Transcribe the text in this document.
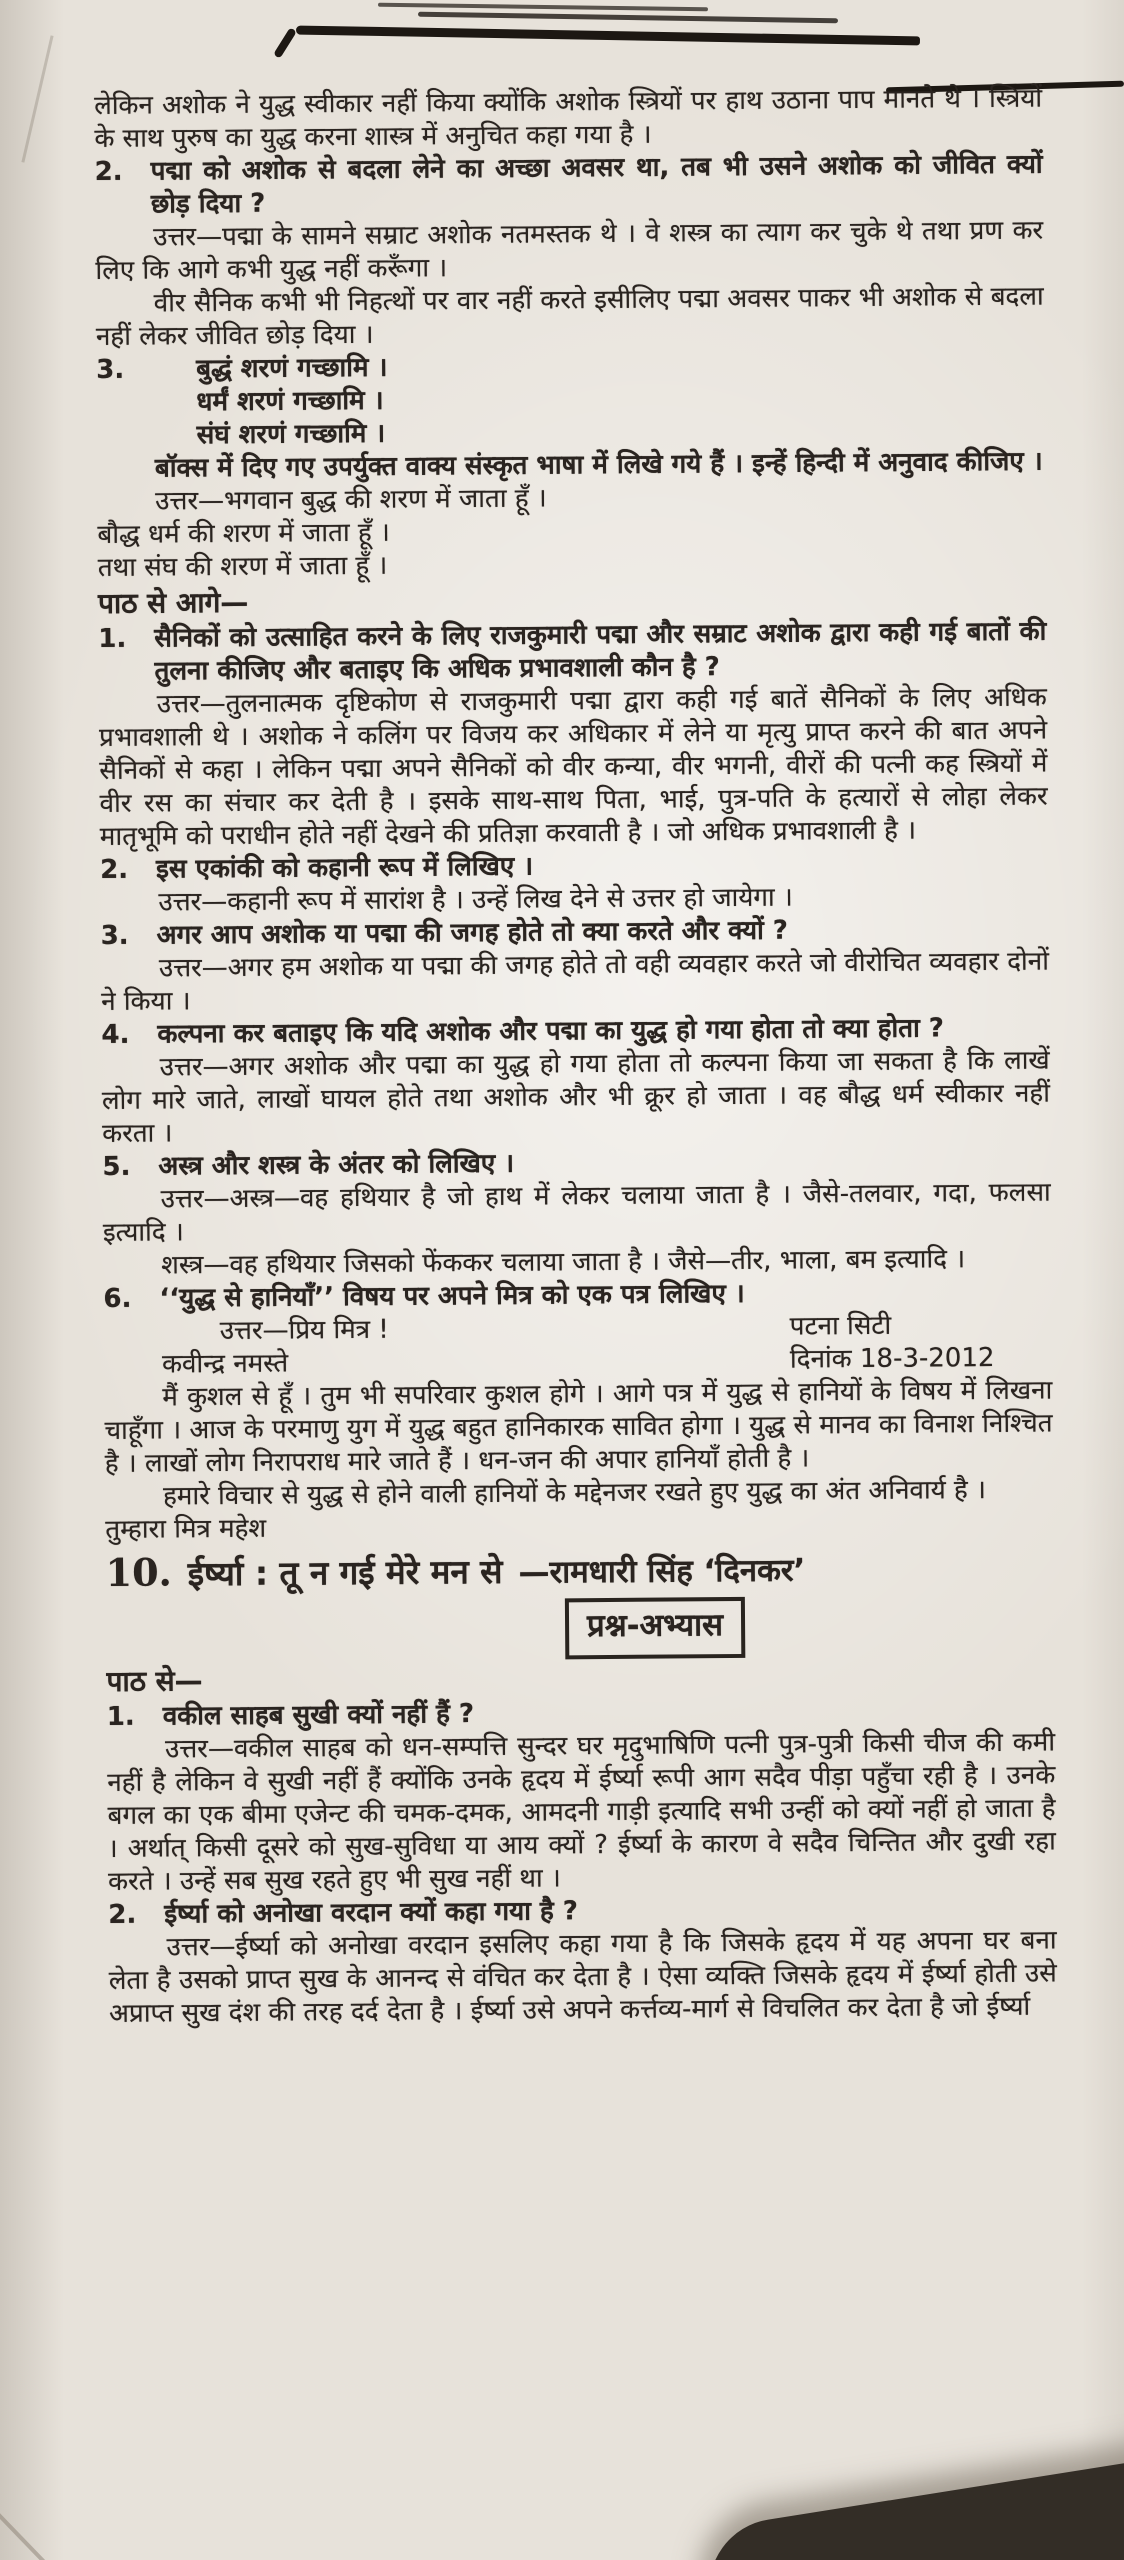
लेकिन अशोक ने युद्ध स्वीकार नहीं किया क्योंकि अशोक स्त्रियों पर हाथ उठाना पाप मानते थे । स्त्रियों के साथ पुरुष का युद्ध करना शास्त्र में अनुचित कहा गया है ।

2.	पद्मा को अशोक से बदला लेने का अच्छा अवसर था, तब भी उसने अशोक को जीवित क्यों छोड़ दिया ?

उत्तर—पद्मा के सामने सम्राट अशोक नतमस्तक थे । वे शस्त्र का त्याग कर चुके थे तथा प्रण कर लिए कि आगे कभी युद्ध नहीं करूँगा ।

वीर सैनिक कभी भी निहत्थों पर वार नहीं करते इसीलिए पद्मा अवसर पाकर भी अशोक से बदला नहीं लेकर जीवित छोड़ दिया ।

3.	बुद्धं शरणं गच्छामि ।
धर्मं शरणं गच्छामि ।
संघं शरणं गच्छामि ।

बॉक्स में दिए गए उपर्युक्त वाक्य संस्कृत भाषा में लिखे गये हैं । इन्हें हिन्दी में अनुवाद कीजिए ।

उत्तर—भगवान बुद्ध की शरण में जाता हूँ ।

बौद्ध धर्म की शरण में जाता हूँ ।

तथा संघ की शरण में जाता हूँ ।

पाठ से आगे—
1.	सैनिकों को उत्साहित करने के लिए राजकुमारी पद्मा और सम्राट अशोक द्वारा कही गई बातों की तुलना कीजिए और बताइए कि अधिक प्रभावशाली कौन है ?

उत्तर—तुलनात्मक दृष्टिकोण से राजकुमारी पद्मा द्वारा कही गई बातें सैनिकों के लिए अधिक प्रभावशाली थे । अशोक ने कलिंग पर विजय कर अधिकार में लेने या मृत्यु प्राप्त करने की बात अपने सैनिकों से कहा । लेकिन पद्मा अपने सैनिकों को वीर कन्या, वीर भगनी, वीरों की पत्नी कह स्त्रियों में वीर रस का संचार कर देती है । इसके साथ-साथ पिता, भाई, पुत्र-पति के हत्यारों से लोहा लेकर मातृभूमि को पराधीन होते नहीं देखने की प्रतिज्ञा करवाती है । जो अधिक प्रभावशाली है ।

2.	इस एकांकी को कहानी रूप में लिखिए ।

उत्तर—कहानी रूप में सारांश है । उन्हें लिख देने से उत्तर हो जायेगा ।

3.	अगर आप अशोक या पद्मा की जगह होते तो क्या करते और क्यों ?

उत्तर—अगर हम अशोक या पद्मा की जगह होते तो वही व्यवहार करते जो वीरोचित व्यवहार दोनों ने किया ।

4.	कल्पना कर बताइए कि यदि अशोक और पद्मा का युद्ध हो गया होता तो क्या होता ?

उत्तर—अगर अशोक और पद्मा का युद्ध हो गया होता तो कल्पना किया जा सकता है कि लाखें लोग मारे जाते, लाखों घायल होते तथा अशोक और भी क्रूर हो जाता । वह बौद्ध धर्म स्वीकार नहीं करता ।

5.	अस्त्र और शस्त्र के अंतर को लिखिए ।

उत्तर—अस्त्र—वह हथियार है जो हाथ में लेकर चलाया जाता है । जैसे-तलवार, गदा, फलसा इत्यादि ।

शस्त्र—वह हथियार जिसको फेंककर चलाया जाता है । जैसे—तीर, भाला, बम इत्यादि ।

6.	‘‘युद्ध से हानियाँ’’ विषय पर अपने मित्र को एक पत्र लिखिए ।
उत्तर—प्रिय मित्र !	पटना सिटी
कवीन्द्र नमस्ते	दिनांक 18-3-2012

मैं कुशल से हूँ । तुम भी सपरिवार कुशल होगे । आगे पत्र में युद्ध से हानियों के विषय में लिखना चाहूँगा । आज के परमाणु युग में युद्ध बहुत हानिकारक सावित होगा । युद्ध से मानव का विनाश निश्चित है । लाखों लोग निरापराध मारे जाते हैं । धन-जन की अपार हानियाँ होती है ।

हमारे विचार से युद्ध से होने वाली हानियों के मद्देनजर रखते हुए युद्ध का अंत अनिवार्य है ।

तुम्हारा मित्र महेश
10. ईर्ष्या : तू न गई मेरे मन से —रामधारी सिंह ‘दिनकर’
प्रश्न-अभ्यास
पाठ से—
1.	वकील साहब सुखी क्यों नहीं हैं ?

उत्तर—वकील साहब को धन-सम्पत्ति सुन्दर घर मृदुभाषिणि पत्नी पुत्र-पुत्री किसी चीज की कमी नहीं है लेकिन वे सुखी नहीं हैं क्योंकि उनके हृदय में ईर्ष्या रूपी आग सदैव पीड़ा पहुँचा रही है । उनके बगल का एक बीमा एजेन्ट की चमक-दमक, आमदनी गाड़ी इत्यादि सभी उन्हीं को क्यों नहीं हो जाता है । अर्थात् किसी दूसरे को सुख-सुविधा या आय क्यों ? ईर्ष्या के कारण वे सदैव चिन्तित और दुखी रहा करते । उन्हें सब सुख रहते हुए भी सुख नहीं था ।

2.	ईर्ष्या को अनोखा वरदान क्यों कहा गया है ?

उत्तर—ईर्ष्या को अनोखा वरदान इसलिए कहा गया है कि जिसके हृदय में यह अपना घर बना लेता है उसको प्राप्त सुख के आनन्द से वंचित कर देता है । ऐसा व्यक्ति जिसके हृदय में ईर्ष्या होती उसे अप्राप्त सुख दंश की तरह दर्द देता है । ईर्ष्या उसे अपने कर्त्तव्य-मार्ग से विचलित कर देता है जो ईर्ष्या
